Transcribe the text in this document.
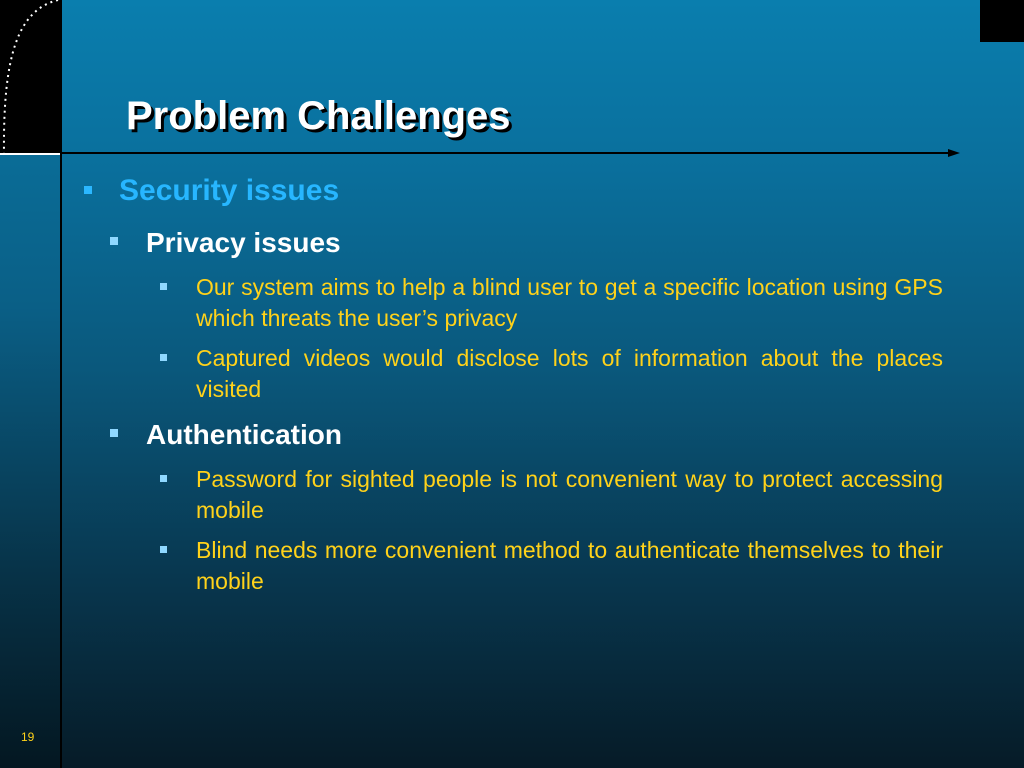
Problem Challenges
Security issues
Privacy issues
Our system aims to help a blind user to get a specific location using GPS which threats the user’s privacy
Captured videos would disclose lots of information about the places visited
Authentication
Password for sighted people is not convenient way to protect accessing mobile
Blind needs more convenient method to authenticate themselves to their mobile
19
